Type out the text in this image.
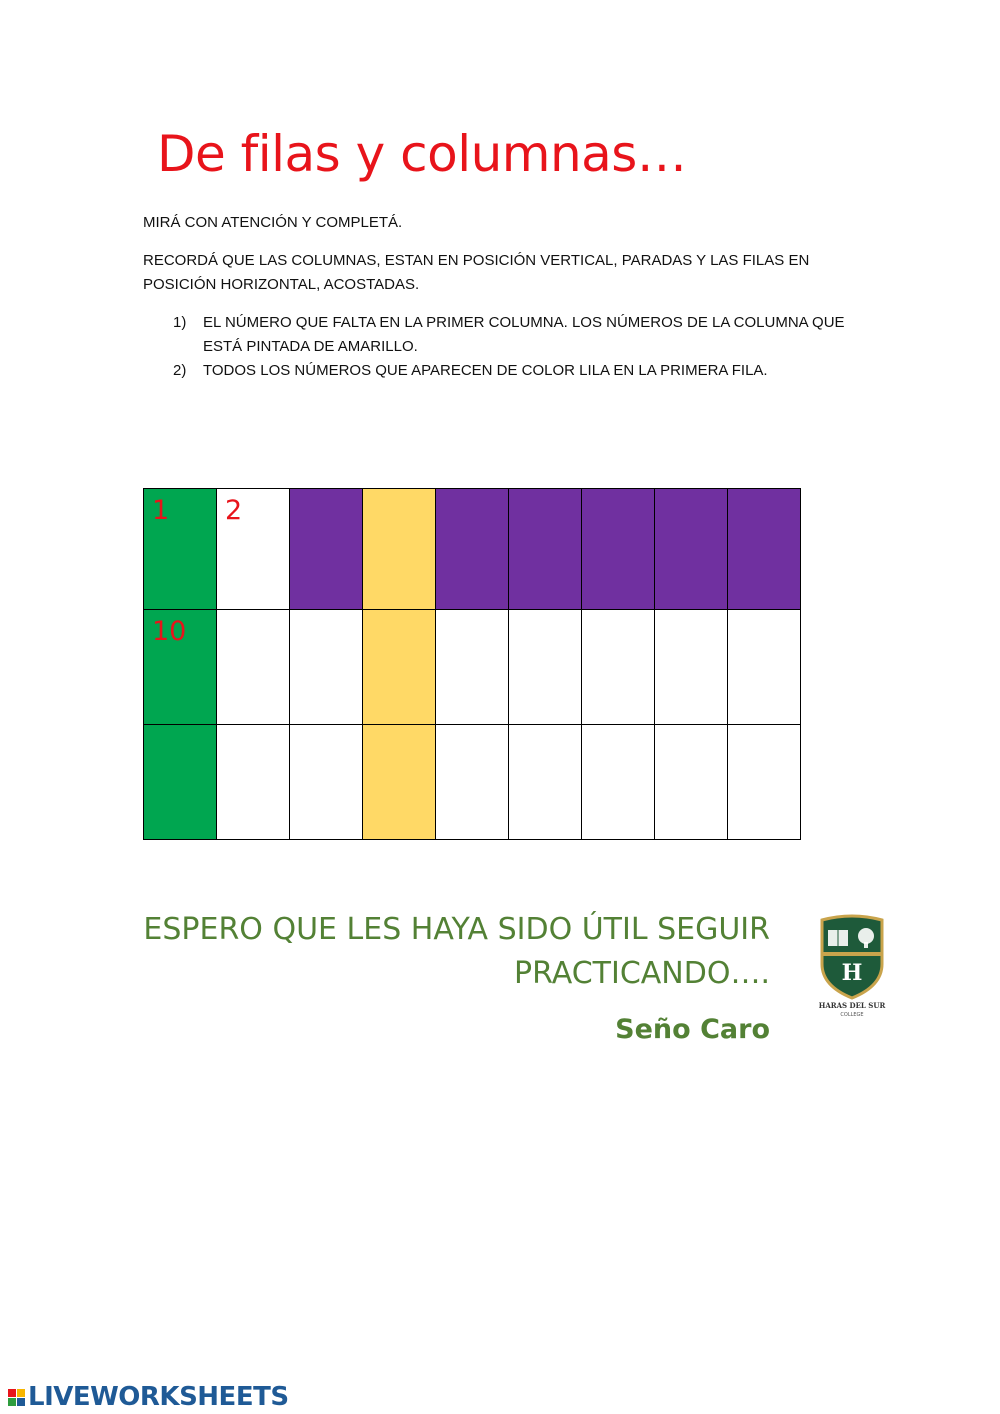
De filas y columnas…
MIRÁ CON ATENCIÓN Y COMPLETÁ.
RECORDÁ QUE LAS COLUMNAS, ESTAN EN POSICIÓN VERTICAL, PARADAS Y LAS FILAS EN POSICIÓN HORIZONTAL, ACOSTADAS.
1) EL NÚMERO QUE FALTA EN LA PRIMER COLUMNA. LOS NÚMEROS DE LA COLUMNA QUE ESTÁ PINTADA DE AMARILLO.
2) TODOS LOS NÚMEROS QUE APARECEN DE COLOR LILA EN LA PRIMERA FILA.
1	2							

10								

ESPERO QUE LES HAYA SIDO ÚTIL SEGUIR
PRACTICANDO….
Seño Caro
H
HARAS DEL SUR
COLLEGE
LIVEWORKSHEETS
